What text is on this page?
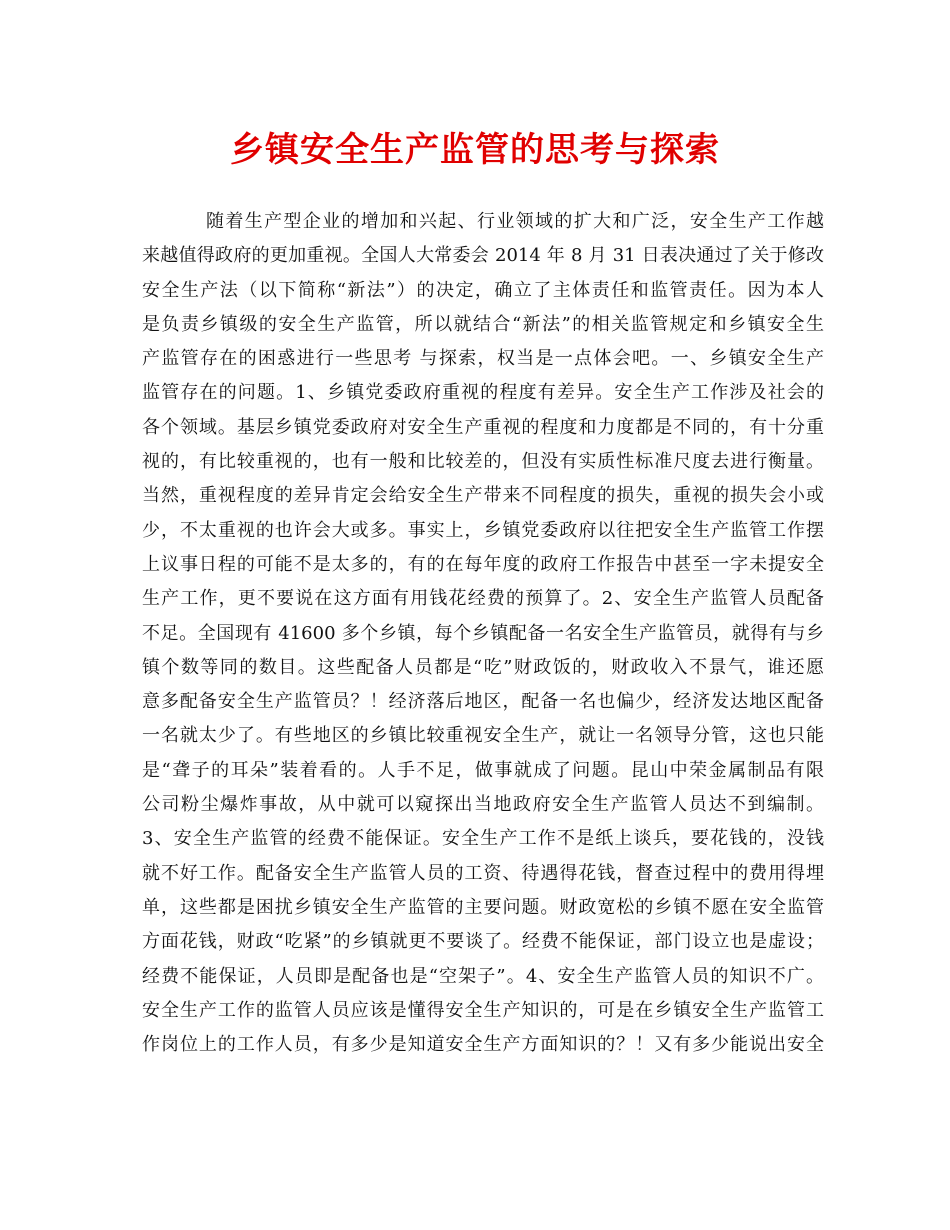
乡镇安全生产监管的思考与探索
随着生产型企业的增加和兴起、行业领域的扩大和广泛，安全生产工作越
来越值得政府的更加重视。全国人大常委会 2014 年 8 月 31 日表决通过了关于修改
安全生产法（以下简称“新法”）的决定，确立了主体责任和监管责任。因为本人
是负责乡镇级的安全生产监管，所以就结合“新法”的相关监管规定和乡镇安全生
产监管存在的困惑进行一些思考 与探索，权当是一点体会吧。一、乡镇安全生产
监管存在的问题。1、乡镇党委政府重视的程度有差异。安全生产工作涉及社会的
各个领域。基层乡镇党委政府对安全生产重视的程度和力度都是不同的，有十分重
视的，有比较重视的，也有一般和比较差的，但没有实质性标准尺度去进行衡量。
当然，重视程度的差异肯定会给安全生产带来不同程度的损失，重视的损失会小或
少，不太重视的也许会大或多。事实上，乡镇党委政府以往把安全生产监管工作摆
上议事日程的可能不是太多的，有的在每年度的政府工作报告中甚至一字未提安全
生产工作，更不要说在这方面有用钱花经费的预算了。2、安全生产监管人员配备
不足。全国现有 41600 多个乡镇，每个乡镇配备一名安全生产监管员，就得有与乡
镇个数等同的数目。这些配备人员都是“吃”财政饭的，财政收入不景气，谁还愿
意多配备安全生产监管员？！经济落后地区，配备一名也偏少，经济发达地区配备
一名就太少了。有些地区的乡镇比较重视安全生产，就让一名领导分管，这也只能
是“聋子的耳朵”装着看的。人手不足，做事就成了问题。昆山中荣金属制品有限
公司粉尘爆炸事故，从中就可以窥探出当地政府安全生产监管人员达不到编制。
3、安全生产监管的经费不能保证。安全生产工作不是纸上谈兵，要花钱的，没钱
就不好工作。配备安全生产监管人员的工资、待遇得花钱，督查过程中的费用得埋
单，这些都是困扰乡镇安全生产监管的主要问题。财政宽松的乡镇不愿在安全监管
方面花钱，财政“吃紧”的乡镇就更不要谈了。经费不能保证，部门设立也是虚设；
经费不能保证，人员即是配备也是“空架子”。4、安全生产监管人员的知识不广。
安全生产工作的监管人员应该是懂得安全生产知识的，可是在乡镇安全生产监管工
作岗位上的工作人员，有多少是知道安全生产方面知识的？！又有多少能说出安全
